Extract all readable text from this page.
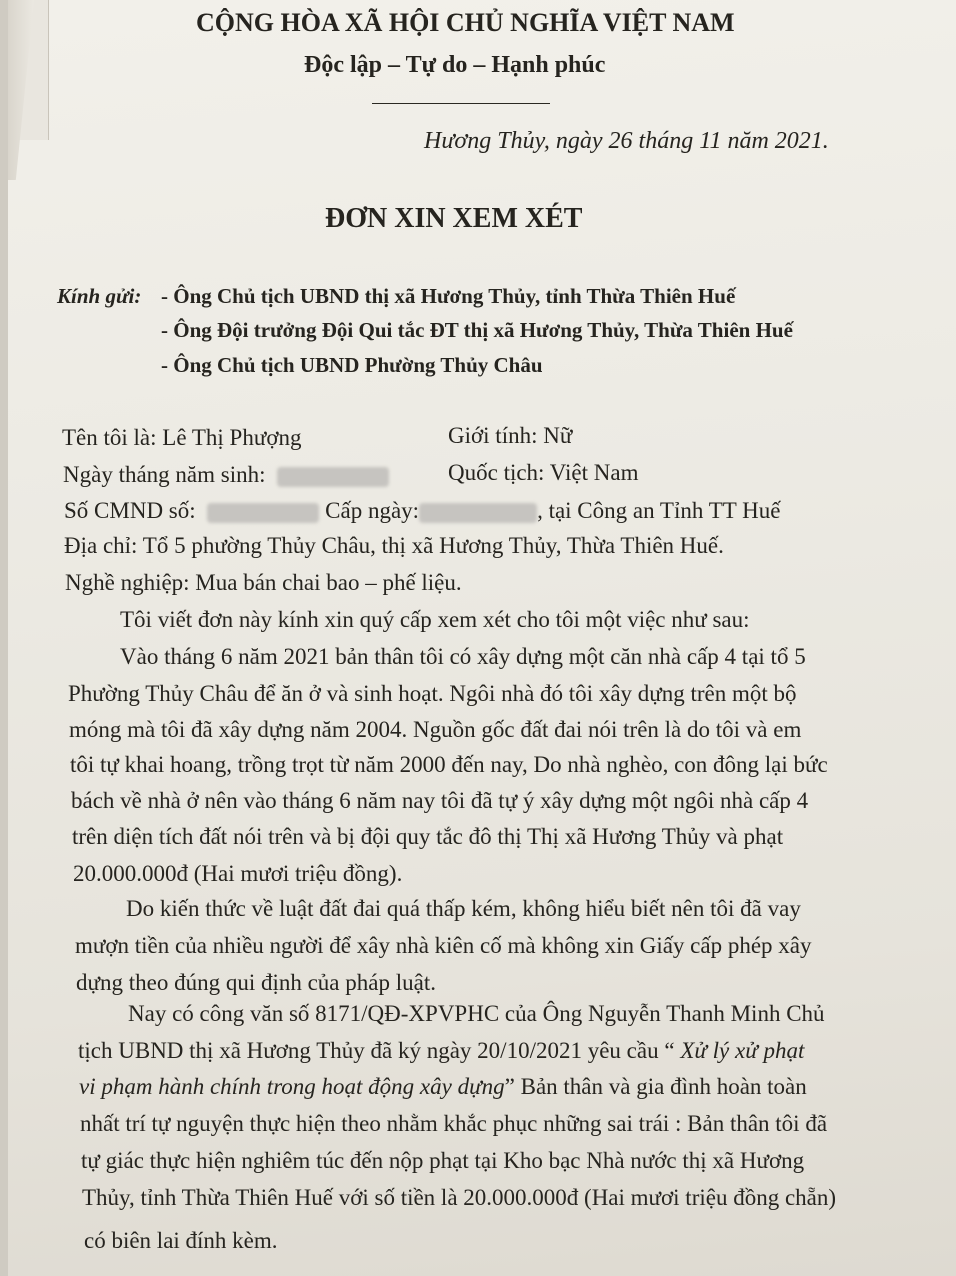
CỘNG HÒA XÃ HỘI CHỦ NGHĨA VIỆT NAM
Độc lập – Tự do – Hạnh phúc
Hương Thủy, ngày 26 tháng 11 năm 2021.
ĐƠN XIN XEM XÉT
Kính gửi: - Ông Chủ tịch UBND thị xã Hương Thủy, tỉnh Thừa Thiên Huế
- Ông Đội trưởng Đội Qui tắc ĐT thị xã Hương Thủy, Thừa Thiên Huế
- Ông Chủ tịch UBND Phường Thủy Châu
Tên tôi là: Lê Thị Phượng	Giới tính: Nữ
Ngày tháng năm sinh:	Quốc tịch: Việt Nam
Số CMND số:	Cấp ngày:	, tại Công an Tỉnh TT Huế
Địa chỉ: Tổ 5 phường Thủy Châu, thị xã Hương Thủy, Thừa Thiên Huế.
Nghề nghiệp: Mua bán chai bao – phế liệu.
Tôi viết đơn này kính xin quý cấp xem xét cho tôi một việc như sau:
Vào tháng 6 năm 2021 bản thân tôi có xây dựng một căn nhà cấp 4 tại tổ 5
Phường Thủy Châu để ăn ở và sinh hoạt. Ngôi nhà đó tôi xây dựng trên một bộ
móng mà tôi đã xây dựng năm 2004. Nguồn gốc đất đai nói trên là do tôi và em
tôi tự khai hoang, trồng trọt từ năm 2000 đến nay, Do nhà nghèo, con đông lại bức
bách về nhà ở nên vào tháng 6 năm nay tôi đã tự ý xây dựng một ngôi nhà cấp 4
trên diện tích đất nói trên và bị đội quy tắc đô thị Thị xã Hương Thủy và phạt
20.000.000đ (Hai mươi triệu đồng).
Do kiến thức về luật đất đai quá thấp kém, không hiểu biết nên tôi đã vay
mượn tiền của nhiều người để xây nhà kiên cố mà không xin Giấy cấp phép xây
dựng theo đúng qui định của pháp luật.
Nay có công văn số 8171/QĐ-XPVPHC của Ông Nguyễn Thanh Minh Chủ
tịch UBND thị xã Hương Thủy đã ký ngày 20/10/2021 yêu cầu “ Xử lý xử phạt
vi phạm hành chính trong hoạt động xây dựng” Bản thân và gia đình hoàn toàn
nhất trí tự nguyện thực hiện theo nhằm khắc phục những sai trái : Bản thân tôi đã
tự giác thực hiện nghiêm túc đến nộp phạt tại Kho bạc Nhà nước thị xã Hương
Thủy, tỉnh Thừa Thiên Huế với số tiền là 20.000.000đ (Hai mươi triệu đồng chẵn)
có biên lai đính kèm.
